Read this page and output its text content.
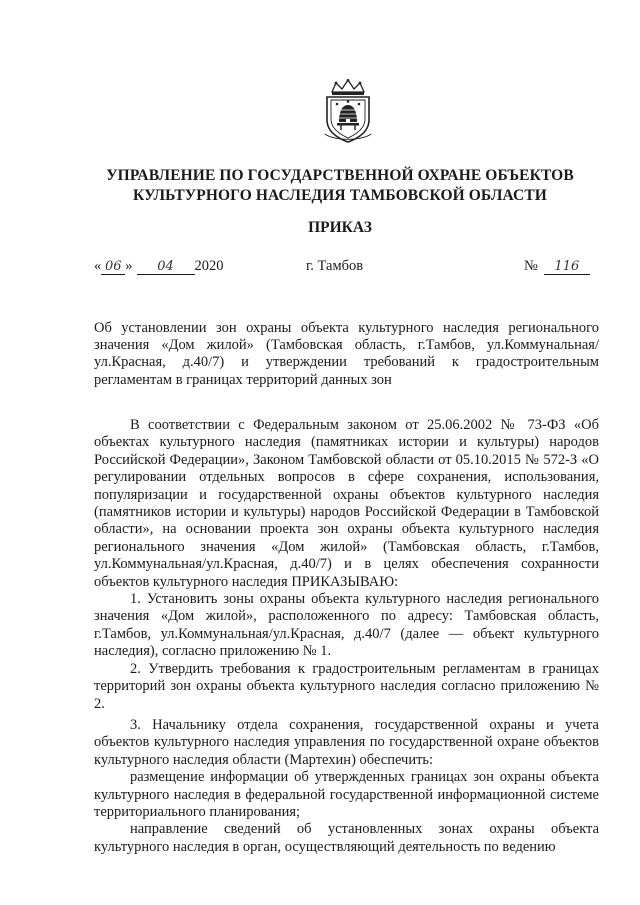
УПРАВЛЕНИЕ ПО ГОСУДАРСТВЕННОЙ ОХРАНЕ ОБЪЕКТОВ
КУЛЬТУРНОГО НАСЛЕДИЯ ТАМБОВСКОЙ ОБЛАСТИ
ПРИКАЗ
« 06 » 04 2020	г. Тамбов	№ 116
Об установлении зон охраны объекта культурного наследия регионального значения «Дом жилой» (Тамбовская область, г.Тамбов, ул.Коммунальная/ул.Красная, д.40/7) и утверждении требований к градостроительным регламентам в границах территорий данных зон

В соответствии с Федеральным законом от 25.06.2002 № 73-ФЗ «Об объектах культурного наследия (памятниках истории и культуры) народов Российской Федерации», Законом Тамбовской области от 05.10.2015 № 572-З «О регулировании отдельных вопросов в сфере сохранения, использования, популяризации и государственной охраны объектов культурного наследия (памятников истории и культуры) народов Российской Федерации в Тамбовской области», на основании проекта зон охраны объекта культурного наследия регионального значения «Дом жилой» (Тамбовская область, г.Тамбов, ул.Коммунальная/ул.Красная, д.40/7) и в целях обеспечения сохранности объектов культурного наследия ПРИКАЗЫВАЮ:

1. Установить зоны охраны объекта культурного наследия регионального значения «Дом жилой», расположенного по адресу: Тамбовская область, г.Тамбов, ул.Коммунальная/ул.Красная, д.40/7 (далее — объект культурного наследия), согласно приложению № 1.

2. Утвердить требования к градостроительным регламентам в границах территорий зон охраны объекта культурного наследия согласно приложению № 2.

3. Начальнику отдела сохранения, государственной охраны и учета объектов культурного наследия управления по государственной охране объектов культурного наследия области (Мартехин) обеспечить:

размещение информации об утвержденных границах зон охраны объекта культурного наследия в федеральной государственной информационной системе территориального планирования;

направление сведений об установленных зонах охраны объекта культурного наследия в орган, осуществляющий деятельность по ведению
